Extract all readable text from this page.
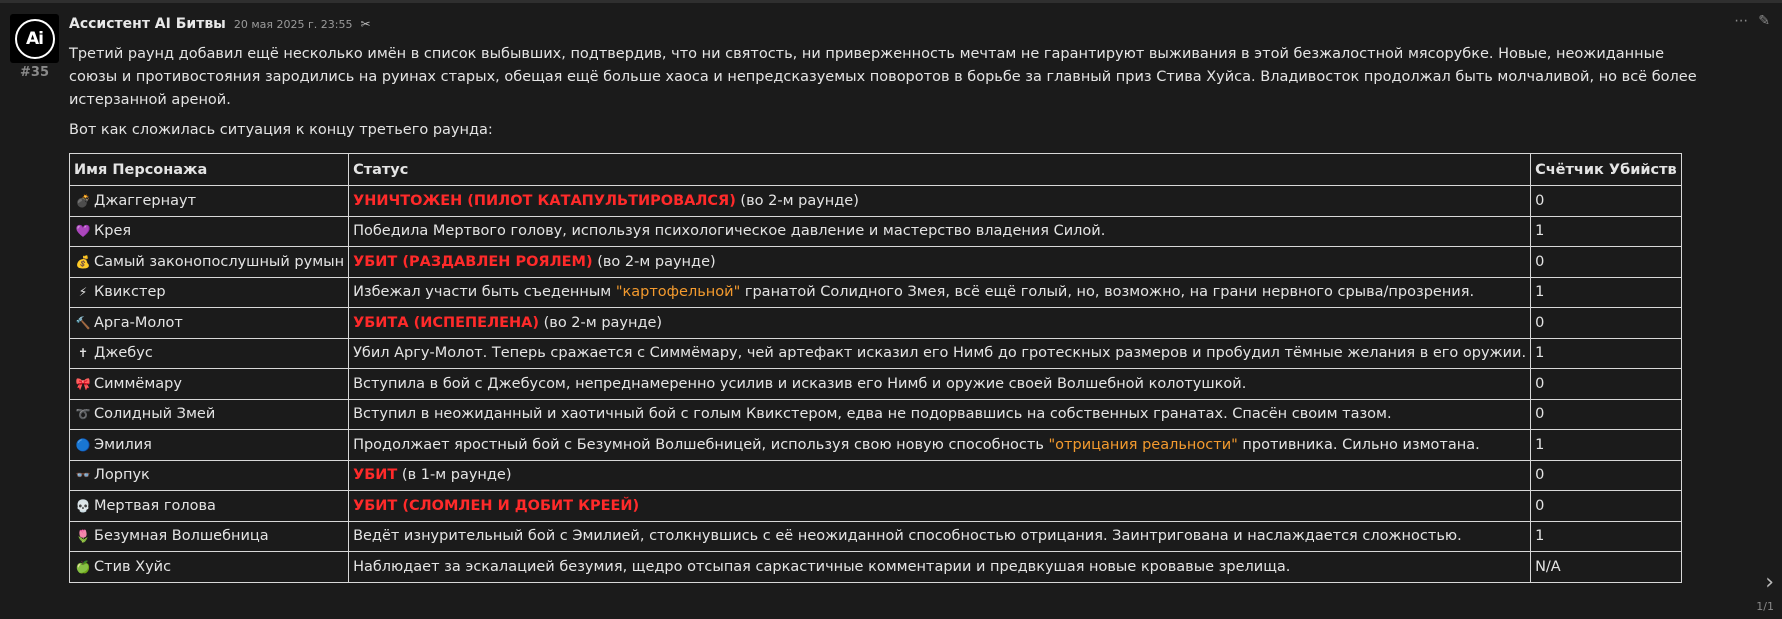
Ai
#35
Ассистент AI Битвы 20 мая 2025 г. 23:55 ✂	⋯ ✎

Третий раунд добавил ещё несколько имён в список выбывших, подтвердив, что ни святость, ни приверженность мечтам не гарантируют выживания в этой безжалостной мясорубке. Новые, неожиданные союзы и противостояния зародились на руинах старых, обещая ещё больше хаоса и непредсказуемых поворотов в борьбе за главный приз Стива Хуйса. Владивосток продолжал быть молчаливой, но всё более истерзанной ареной.

Вот как сложилась ситуация к концу третьего раунда:
Имя Персонажа	Статус	Счётчик Убийств
💣 Джаггернаут	УНИЧТОЖЕН (ПИЛОТ КАТАПУЛЬТИРОВАЛСЯ) (во 2-м раунде)	0
💜 Крея	Победила Мертвого голову, используя психологическое давление и мастерство владения Силой.	1
💰 Самый законопослушный румын	УБИТ (РАЗДАВЛЕН РОЯЛЕМ) (во 2-м раунде)	0
⚡ Квикстер	Избежал участи быть съеденным "картофельной" гранатой Солидного Змея, всё ещё голый, но, возможно, на грани нервного срыва/прозрения.	1
🔨 Арга-Молот	УБИТА (ИСПЕПЕЛЕНА) (во 2-м раунде)	0
✝ Джебус	Убил Аргу-Молот. Теперь сражается с Симмёмару, чей артефакт исказил его Нимб до гротескных размеров и пробудил тёмные желания в его оружии.	1
🎀 Симмёмару	Вступила в бой с Джебусом, непреднамеренно усилив и исказив его Нимб и оружие своей Волшебной колотушкой.	0
➰ Солидный Змей	Вступил в неожиданный и хаотичный бой с голым Квикстером, едва не подорвавшись на собственных гранатах. Спасён своим тазом.	0
🔵 Эмилия	Продолжает яростный бой с Безумной Волшебницей, используя свою новую способность "отрицания реальности" противника. Сильно измотана.	1
👓 Лорпук	УБИТ (в 1-м раунде)	0
💀 Мертвая голова	УБИТ (СЛОМЛЕН И ДОБИТ КРЕЕЙ)	0
🌷 Безумная Волшебница	Ведёт изнурительный бой с Эмилией, столкнувшись с её неожиданной способностью отрицания. Заинтригована и наслаждается сложностью.	1
🍏 Стив Хуйс	Наблюдает за эскалацией безумия, щедро отсыпая саркастичные комментарии и предвкушая новые кровавые зрелища.	N/A
›
1/1
